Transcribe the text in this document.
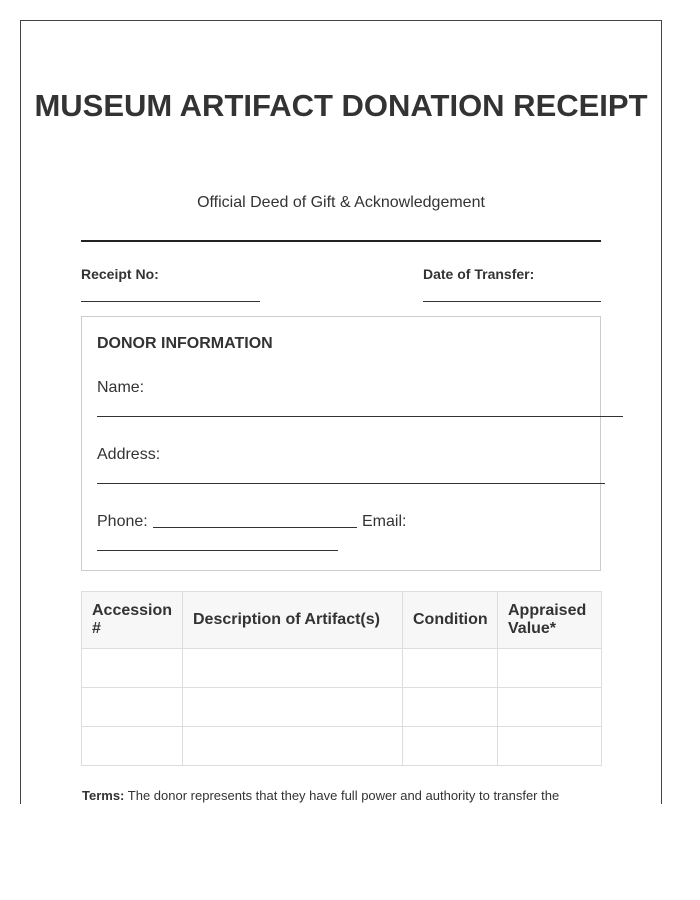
MUSEUM ARTIFACT DONATION RECEIPT
Official Deed of Gift & Acknowledgement
Receipt No:	Date of Transfer:
DONOR INFORMATION
Name:
Address:
Phone:	Email:
Accession #	Description of Artifact(s)	Condition	Appraised Value*

Terms: The donor represents that they have full power and authority to transfer the
